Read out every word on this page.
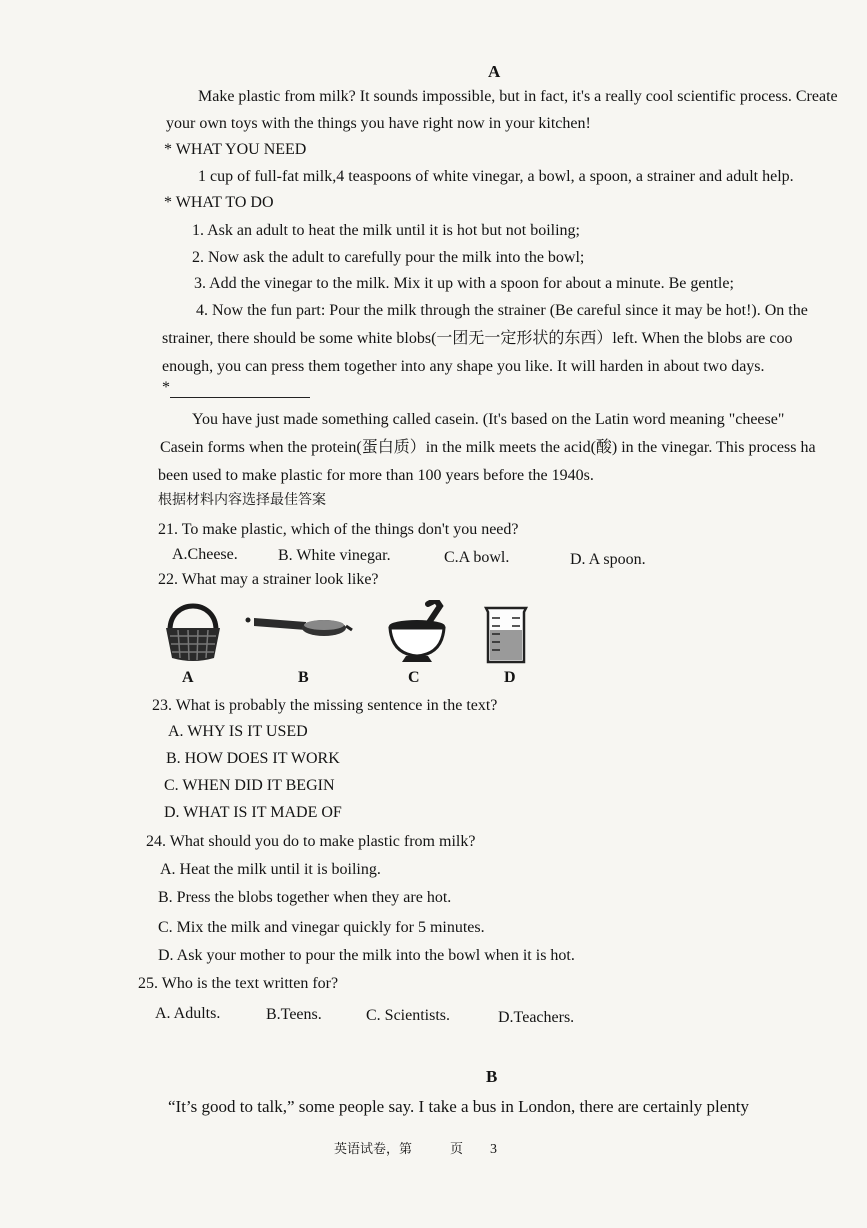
A
Make plastic from milk? It sounds impossible, but in fact, it's a really cool scientific process. Create
your own toys with the things you have right now in your kitchen!
* WHAT YOU NEED
1 cup of full-fat milk,4 teaspoons of white vinegar, a bowl, a spoon, a strainer and adult help.
* WHAT TO DO
1. Ask an adult to heat the milk until it is hot but not boiling;
2. Now ask the adult to carefully pour the milk into the bowl;
3. Add the vinegar to the milk. Mix it up with a spoon for about a minute. Be gentle;
4. Now the fun part: Pour the milk through the strainer (Be careful since it may be hot!). On the
strainer, there should be some white blobs(一团无一定形状的东西）left. When the blobs are coo
enough, you can press them together into any shape you like. It will harden in about two days.
*
You have just made something called casein. (It's based on the Latin word meaning "cheese"
Casein forms when the protein(蛋白质）in the milk meets the acid(酸) in the vinegar. This process ha
been used to make plastic for more than 100 years before the 1940s.
根据材料内容选择最佳答案
21. To make plastic, which of the things don't you need?
A.Cheese.	B. White vinegar.	C.A bowl.	D. A spoon.
22. What may a strainer look like?
A	B	C	D
23. What is probably the missing sentence in the text?
A. WHY IS IT USED
B. HOW DOES IT WORK
C. WHEN DID IT BEGIN
D. WHAT IS IT MADE OF
24. What should you do to make plastic from milk?
A. Heat the milk until it is boiling.
B. Press the blobs together when they are hot.
C. Mix the milk and vinegar quickly for 5 minutes.
D. Ask your mother to pour the milk into the bowl when it is hot.
25. Who is the text written for?
A. Adults.	B.Teens.	C. Scientists.	D.Teachers.
B
“It’s good to talk,” some people say. I take a bus in London, there are certainly plenty
英语试卷，第	页 3
